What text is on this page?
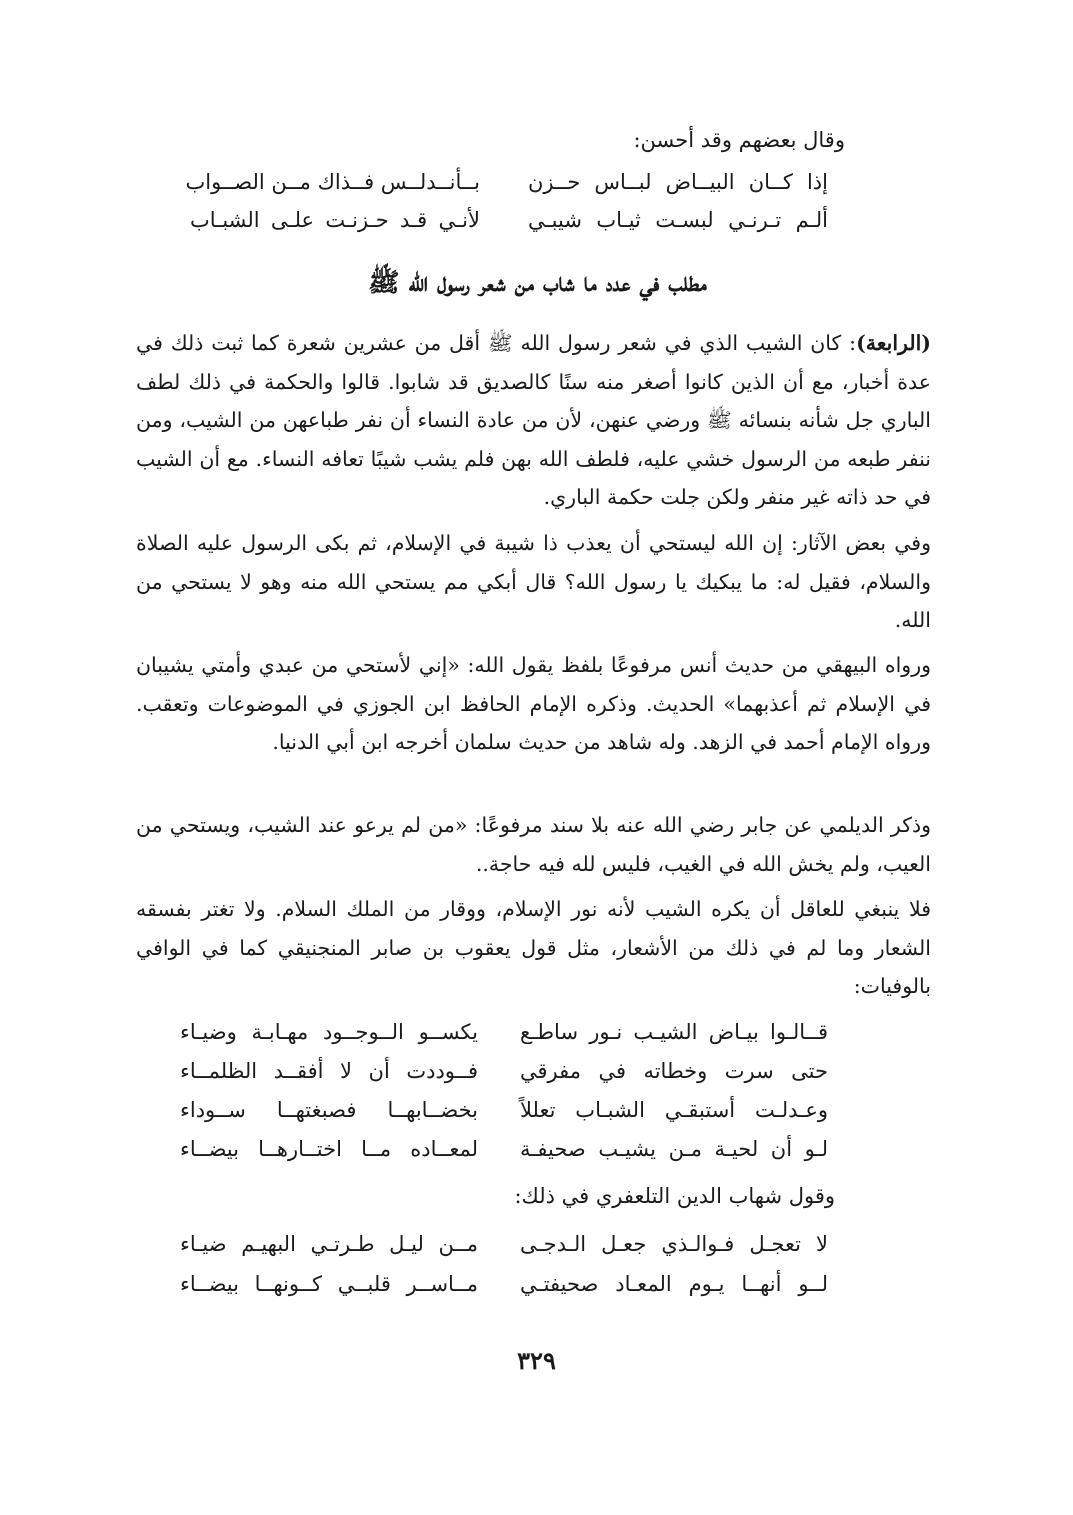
وقال بعضهم وقد أحسن:
إذا كــان البيــاض لبــاس حــزن
بــأنــدلــس فــذاك مــن الصــواب
ألـم تـرنـي لبسـت ثيـاب شيبـي
لأنـي قـد حـزنـت علـى الشبـاب
مطلب في عدد ما شاب من شعر رسول الله ﷺ
(الرابعة): كان الشيب الذي في شعر رسول الله ﷺ أقل من عشرين شعرة كما ثبت ذلك في عدة أخبار، مع أن الذين كانوا أصغر منه سنًا كالصديق قد شابوا. قالوا والحكمة في ذلك لطف الباري جل شأنه بنسائه ﷺ ورضي عنهن، لأن من عادة النساء أن نفر طباعهن من الشيب، ومن ننفر طبعه من الرسول خشي عليه، فلطف الله بهن فلم يشب شيبًا تعافه النساء. مع أن الشيب في حد ذاته غير منفر ولكن جلت حكمة الباري.
وفي بعض الآثار: إن الله ليستحي أن يعذب ذا شيبة في الإسلام، ثم بكى الرسول عليه الصلاة والسلام، فقيل له: ما يبكيك يا رسول الله؟ قال أبكي مم يستحي الله منه وهو لا يستحي من الله.
ورواه البيهقي من حديث أنس مرفوعًا بلفظ يقول الله: «إني لأستحي من عبدي وأمتي يشيبان في الإسلام ثم أعذبهما» الحديث. وذكره الإمام الحافظ ابن الجوزي في الموضوعات وتعقب. ورواه الإمام أحمد في الزهد. وله شاهد من حديث سلمان أخرجه ابن أبي الدنيا.
وذكر الديلمي عن جابر رضي الله عنه بلا سند مرفوعًا: «من لم يرعو عند الشيب، ويستحي من العيب، ولم يخش الله في الغيب، فليس لله فيه حاجة..
فلا ينبغي للعاقل أن يكره الشيب لأنه نور الإسلام، ووقار من الملك السلام. ولا تغتر بفسقه الشعار وما لم في ذلك من الأشعار، مثل قول يعقوب بن صابر المنجنيقي كما في الوافي بالوفيات:
قــالـوا بيـاض الشيـب نـور ساطـع
يكســو الــوجــود مهـابـة وضيـاء
حتى سرت وخطاته في مفرقي
فــوددت أن لا أفقــد الظلمــاء
وعـدلـت أستبقـي الشبـاب تعللاً
بخضــابهــا فصبغتهــا ســوداء
لـو أن لحيـة مـن يشيـب صحيفـة
لمعــاده مــا اختــارهــا بيضــاء
وقول شهاب الدين التلعفري في ذلك:
لا تعجـل فـوالـذي جعـل الـدجـى
مــن ليـل طـرتـي البهيـم ضيـاء
لــو أنهــا يـوم المعـاد صحيفتـي
مــاســر قلبــي كــونهــا بيضــاء
٣٢٩
